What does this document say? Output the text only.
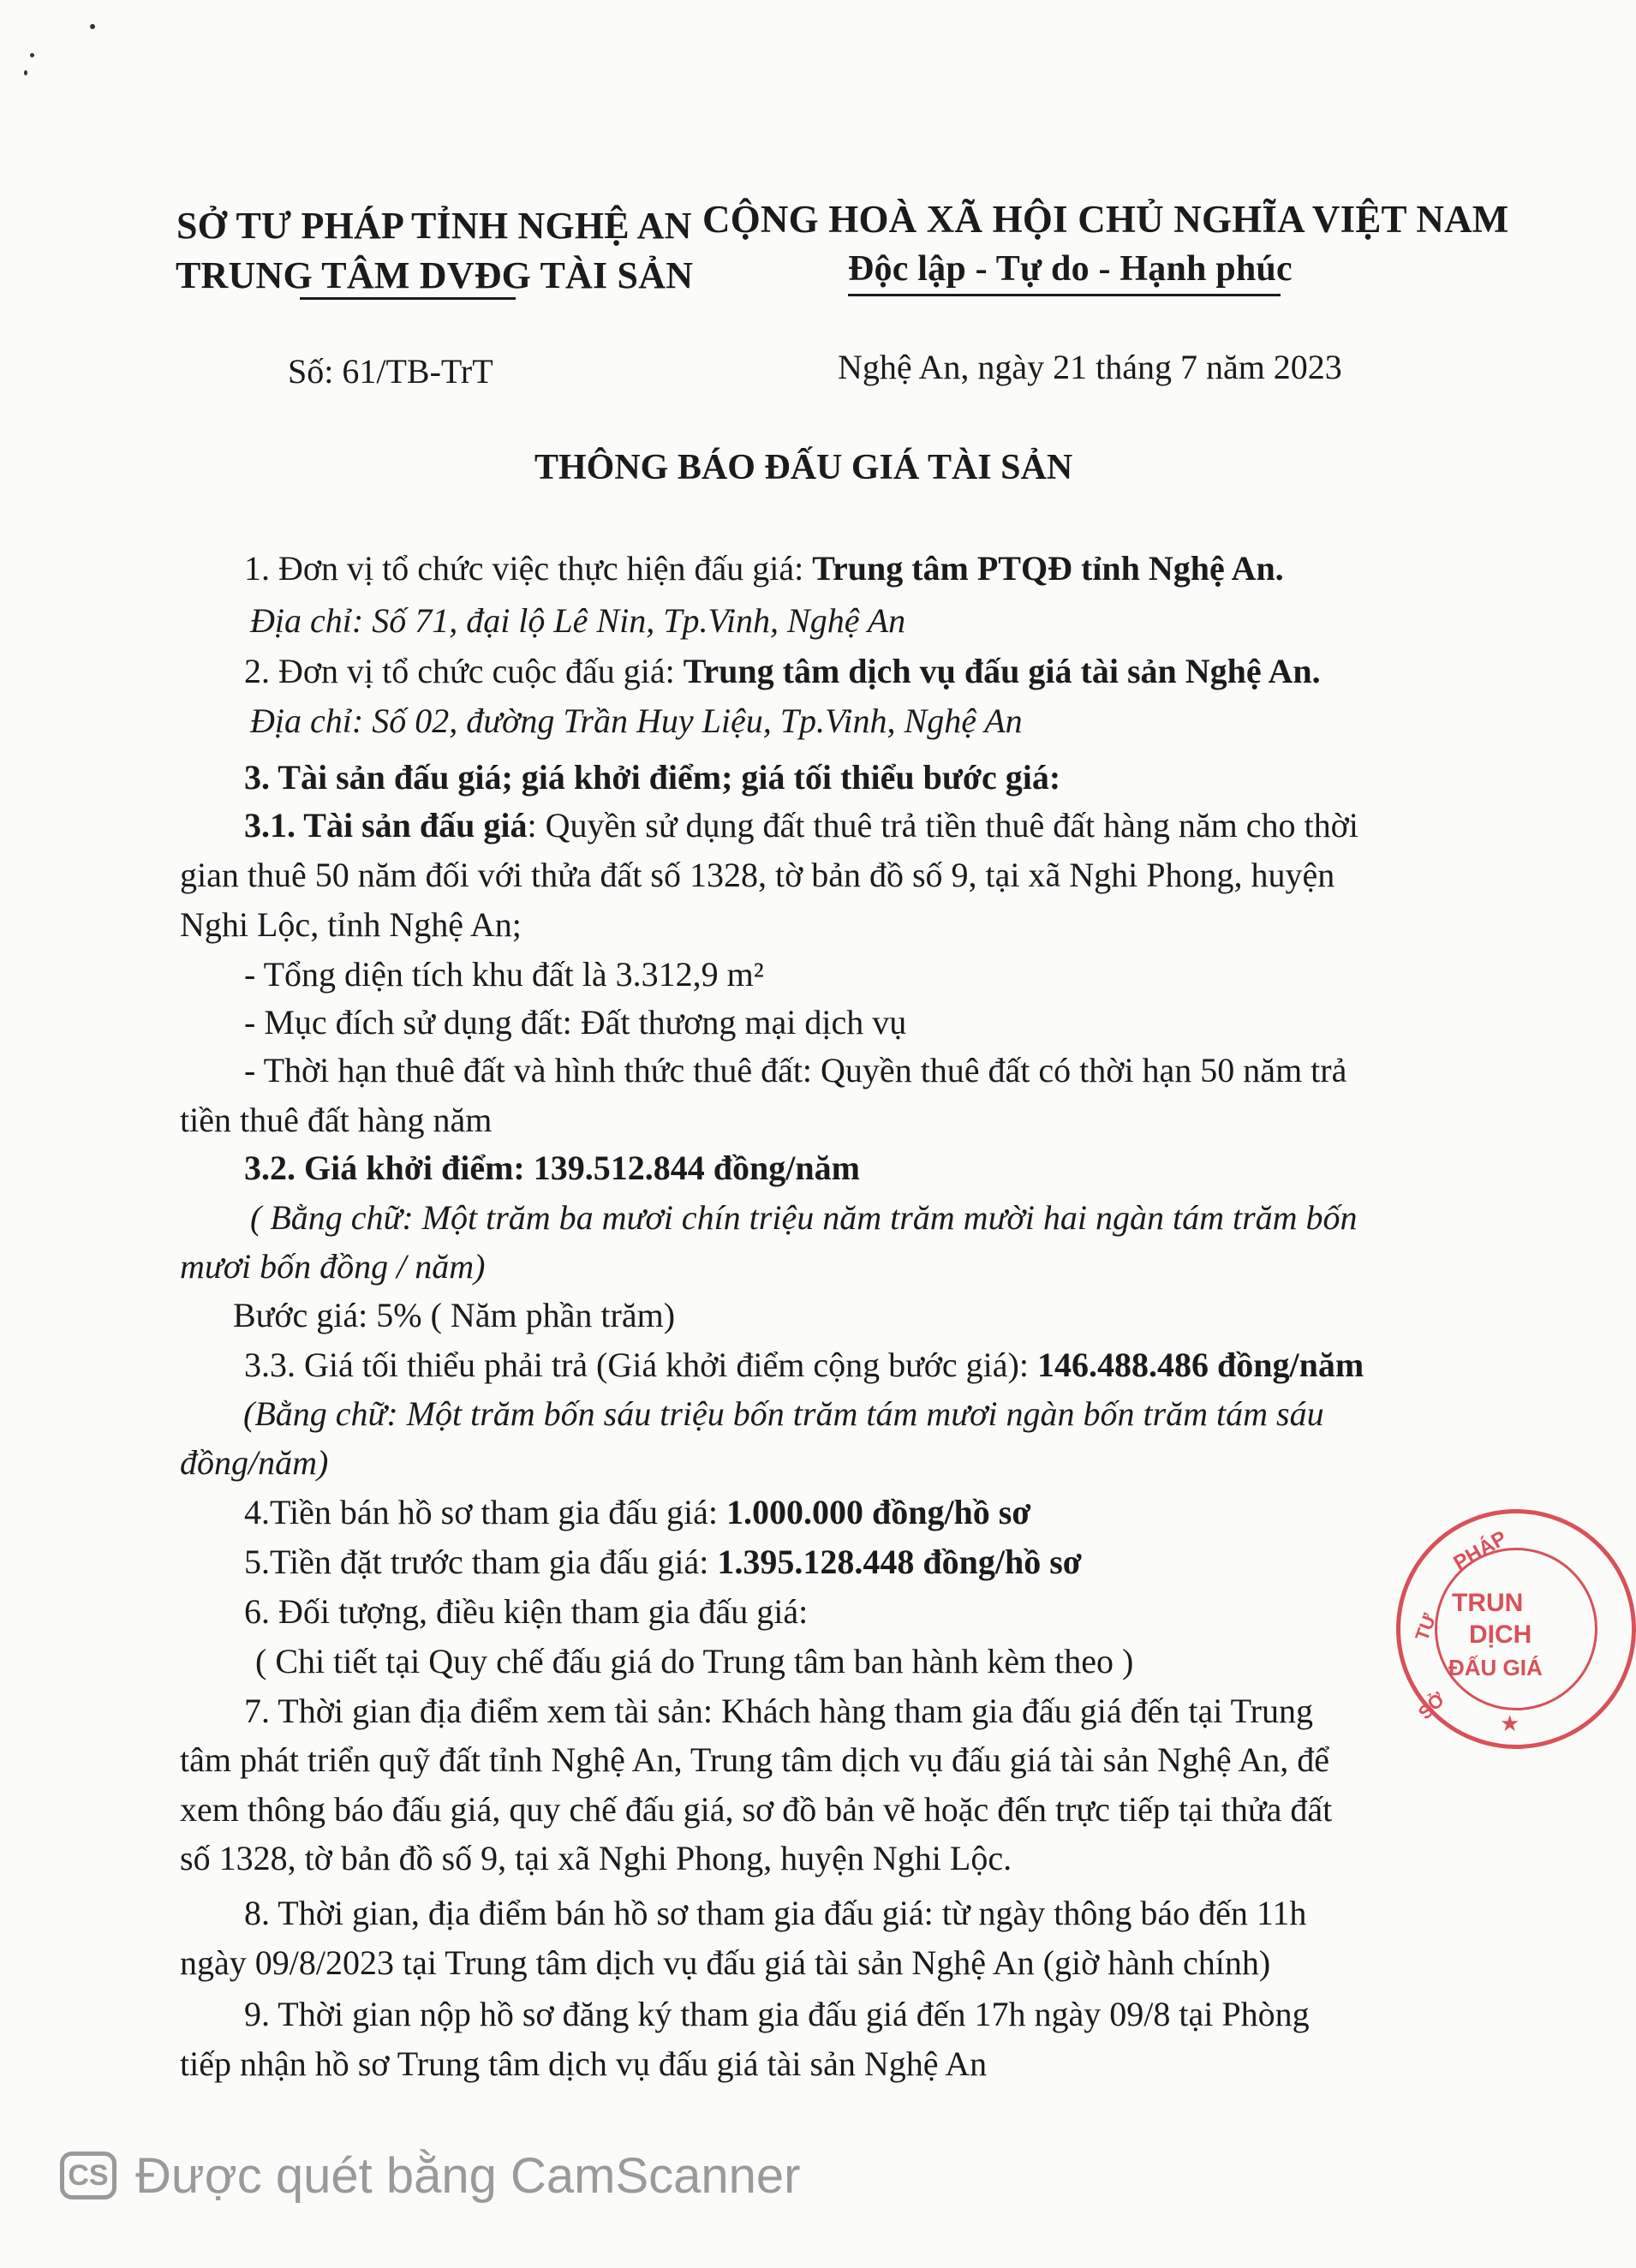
SỞ TƯ PHÁP TỈNH NGHỆ AN
TRUNG TÂM DVĐG TÀI SẢN
CỘNG HOÀ XÃ HỘI CHỦ NGHĨA VIỆT NAM
Độc lập - Tự do - Hạnh phúc
Số: 61/TB-TrT	Nghệ An, ngày 21 tháng 7 năm 2023
THÔNG BÁO ĐẤU GIÁ TÀI SẢN
1. Đơn vị tổ chức việc thực hiện đấu giá: Trung tâm PTQĐ tỉnh Nghệ An.
Địa chỉ: Số 71, đại lộ Lê Nin, Tp.Vinh, Nghệ An
2. Đơn vị tổ chức cuộc đấu giá: Trung tâm dịch vụ đấu giá tài sản Nghệ An.
Địa chỉ: Số 02, đường Trần Huy Liệu, Tp.Vinh, Nghệ An
3. Tài sản đấu giá; giá khởi điểm; giá tối thiểu bước giá:
3.1. Tài sản đấu giá: Quyền sử dụng đất thuê trả tiền thuê đất hàng năm cho thời
gian thuê 50 năm đối với thửa đất số 1328, tờ bản đồ số 9, tại xã Nghi Phong, huyện
Nghi Lộc, tỉnh Nghệ An;
- Tổng diện tích khu đất là 3.312,9 m²
- Mục đích sử dụng đất: Đất thương mại dịch vụ
- Thời hạn thuê đất và hình thức thuê đất: Quyền thuê đất có thời hạn 50 năm trả
tiền thuê đất hàng năm
3.2. Giá khởi điểm: 139.512.844 đồng/năm
( Bằng chữ: Một trăm ba mươi chín triệu năm trăm mười hai ngàn tám trăm bốn
mươi bốn đồng / năm)
Bước giá: 5% ( Năm phần trăm)
3.3. Giá tối thiểu phải trả (Giá khởi điểm cộng bước giá): 146.488.486 đồng/năm
(Bằng chữ: Một trăm bốn sáu triệu bốn trăm tám mươi ngàn bốn trăm tám sáu
đồng/năm)
4.Tiền bán hồ sơ tham gia đấu giá: 1.000.000 đồng/hồ sơ
5.Tiền đặt trước tham gia đấu giá: 1.395.128.448 đồng/hồ sơ
6. Đối tượng, điều kiện tham gia đấu giá:
( Chi tiết tại Quy chế đấu giá do Trung tâm ban hành kèm theo )
7. Thời gian địa điểm xem tài sản: Khách hàng tham gia đấu giá đến tại Trung
tâm phát triển quỹ đất tỉnh Nghệ An, Trung tâm dịch vụ đấu giá tài sản Nghệ An, để
xem thông báo đấu giá, quy chế đấu giá, sơ đồ bản vẽ hoặc đến trực tiếp tại thửa đất
số 1328, tờ bản đồ số 9, tại xã Nghi Phong, huyện Nghi Lộc.
8. Thời gian, địa điểm bán hồ sơ tham gia đấu giá: từ ngày thông báo đến 11h
ngày 09/8/2023 tại Trung tâm dịch vụ đấu giá tài sản Nghệ An (giờ hành chính)
9. Thời gian nộp hồ sơ đăng ký tham gia đấu giá đến 17h ngày 09/8 tại Phòng
tiếp nhận hồ sơ Trung tâm dịch vụ đấu giá tài sản Nghệ An
PHÁP
TƯ
TRUN
DỊCH
ĐẤU GIÁ
SỞ ★
CS Được quét bằng CamScanner
